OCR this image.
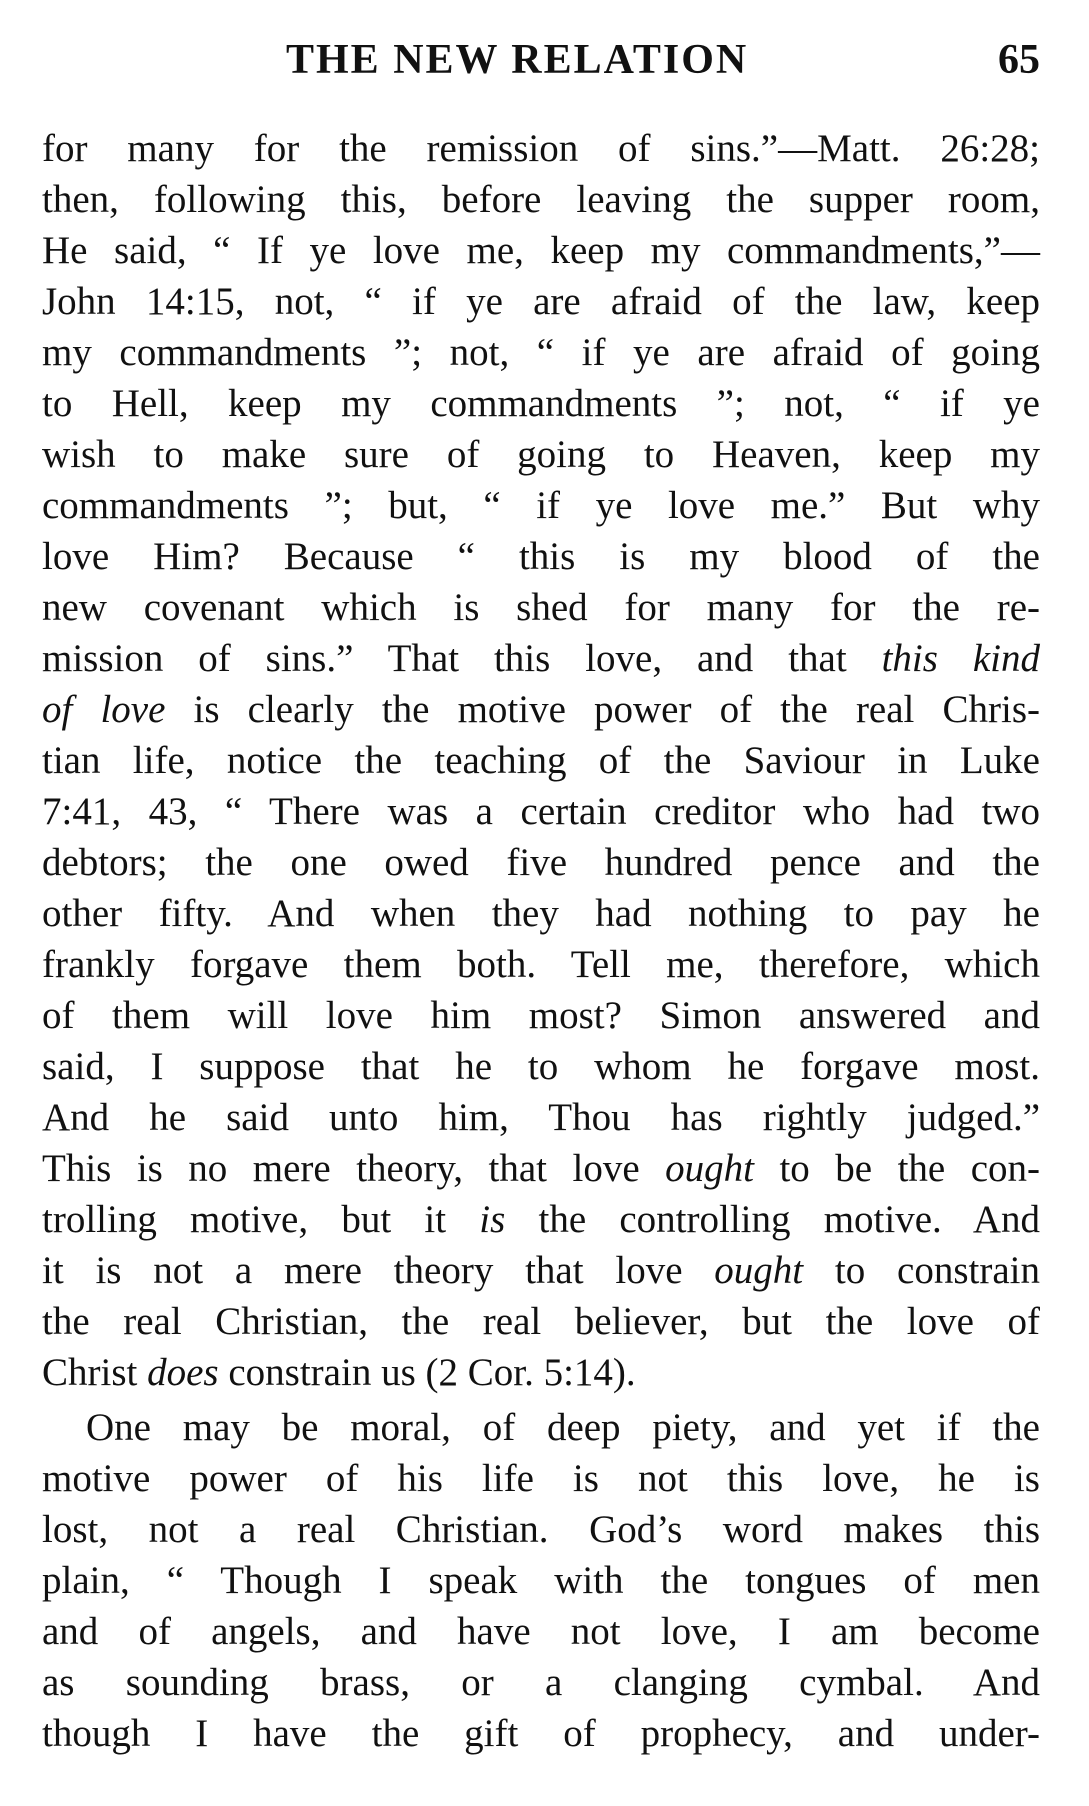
THE NEW RELATION	65
for many for the remission of sins.”—Matt. 26:28;
then, following this, before leaving the supper room,
He said, “ If ye love me, keep my commandments,”—
John 14:15, not, “ if ye are afraid of the law, keep
my commandments ”; not, “ if ye are afraid of going
to Hell, keep my commandments ”; not, “ if ye
wish to make sure of going to Heaven, keep my
commandments ”; but, “ if ye love me.” But why
love Him? Because “ this is my blood of the
new covenant which is shed for many for the re-
mission of sins.” That this love, and that this kind
of love is clearly the motive power of the real Chris-
tian life, notice the teaching of the Saviour in Luke
7:41, 43, “ There was a certain creditor who had two
debtors; the one owed five hundred pence and the
other fifty. And when they had nothing to pay he
frankly forgave them both. Tell me, therefore, which
of them will love him most? Simon answered and
said, I suppose that he to whom he forgave most.
And he said unto him, Thou has rightly judged.”
This is no mere theory, that love ought to be the con-
trolling motive, but it is the controlling motive. And
it is not a mere theory that love ought to constrain
the real Christian, the real believer, but the love of
Christ does constrain us (2 Cor. 5:14).
One may be moral, of deep piety, and yet if the
motive power of his life is not this love, he is
lost, not a real Christian. God’s word makes this
plain, “ Though I speak with the tongues of men
and of angels, and have not love, I am become
as sounding brass, or a clanging cymbal. And
though I have the gift of prophecy, and under-
